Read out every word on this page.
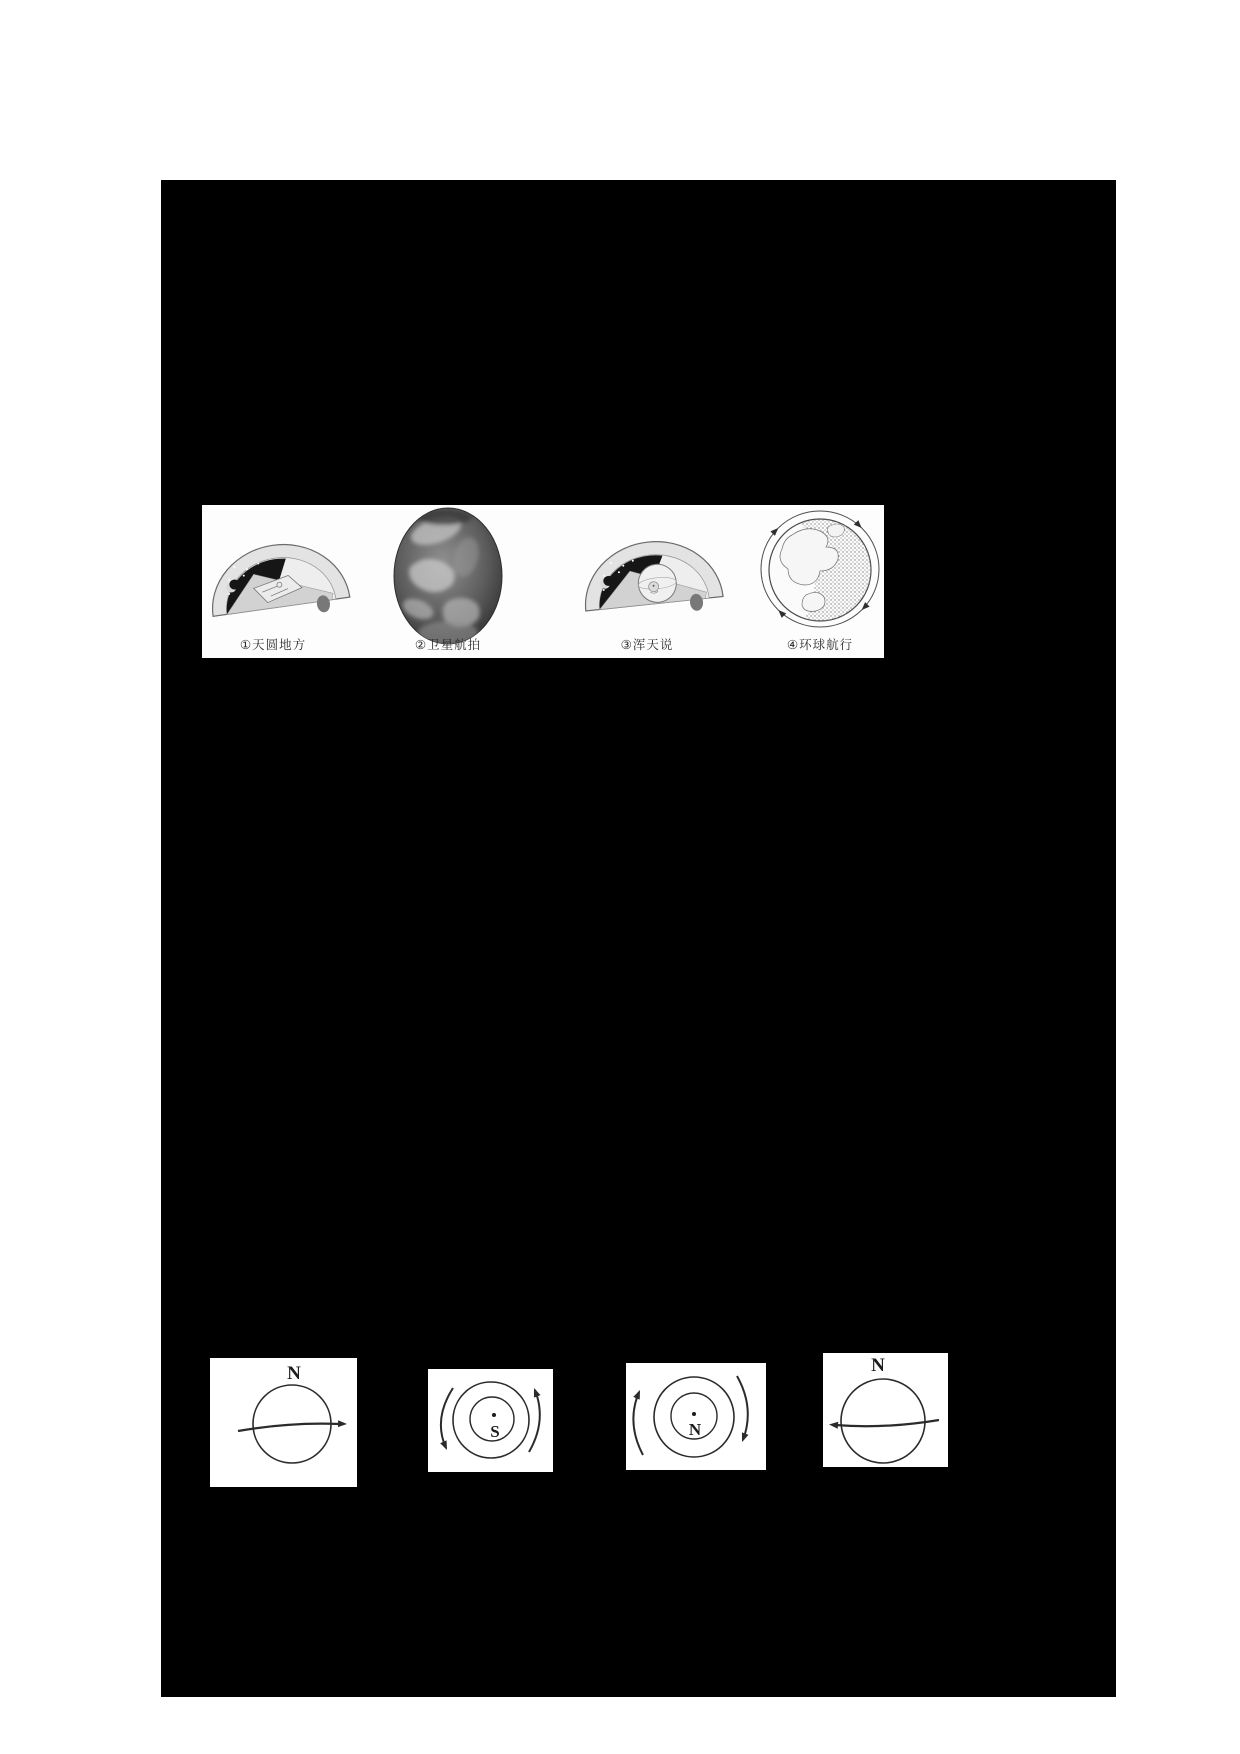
①天圆地方	②卫星航拍	③浑天说	④环球航行
N
S	N
N
